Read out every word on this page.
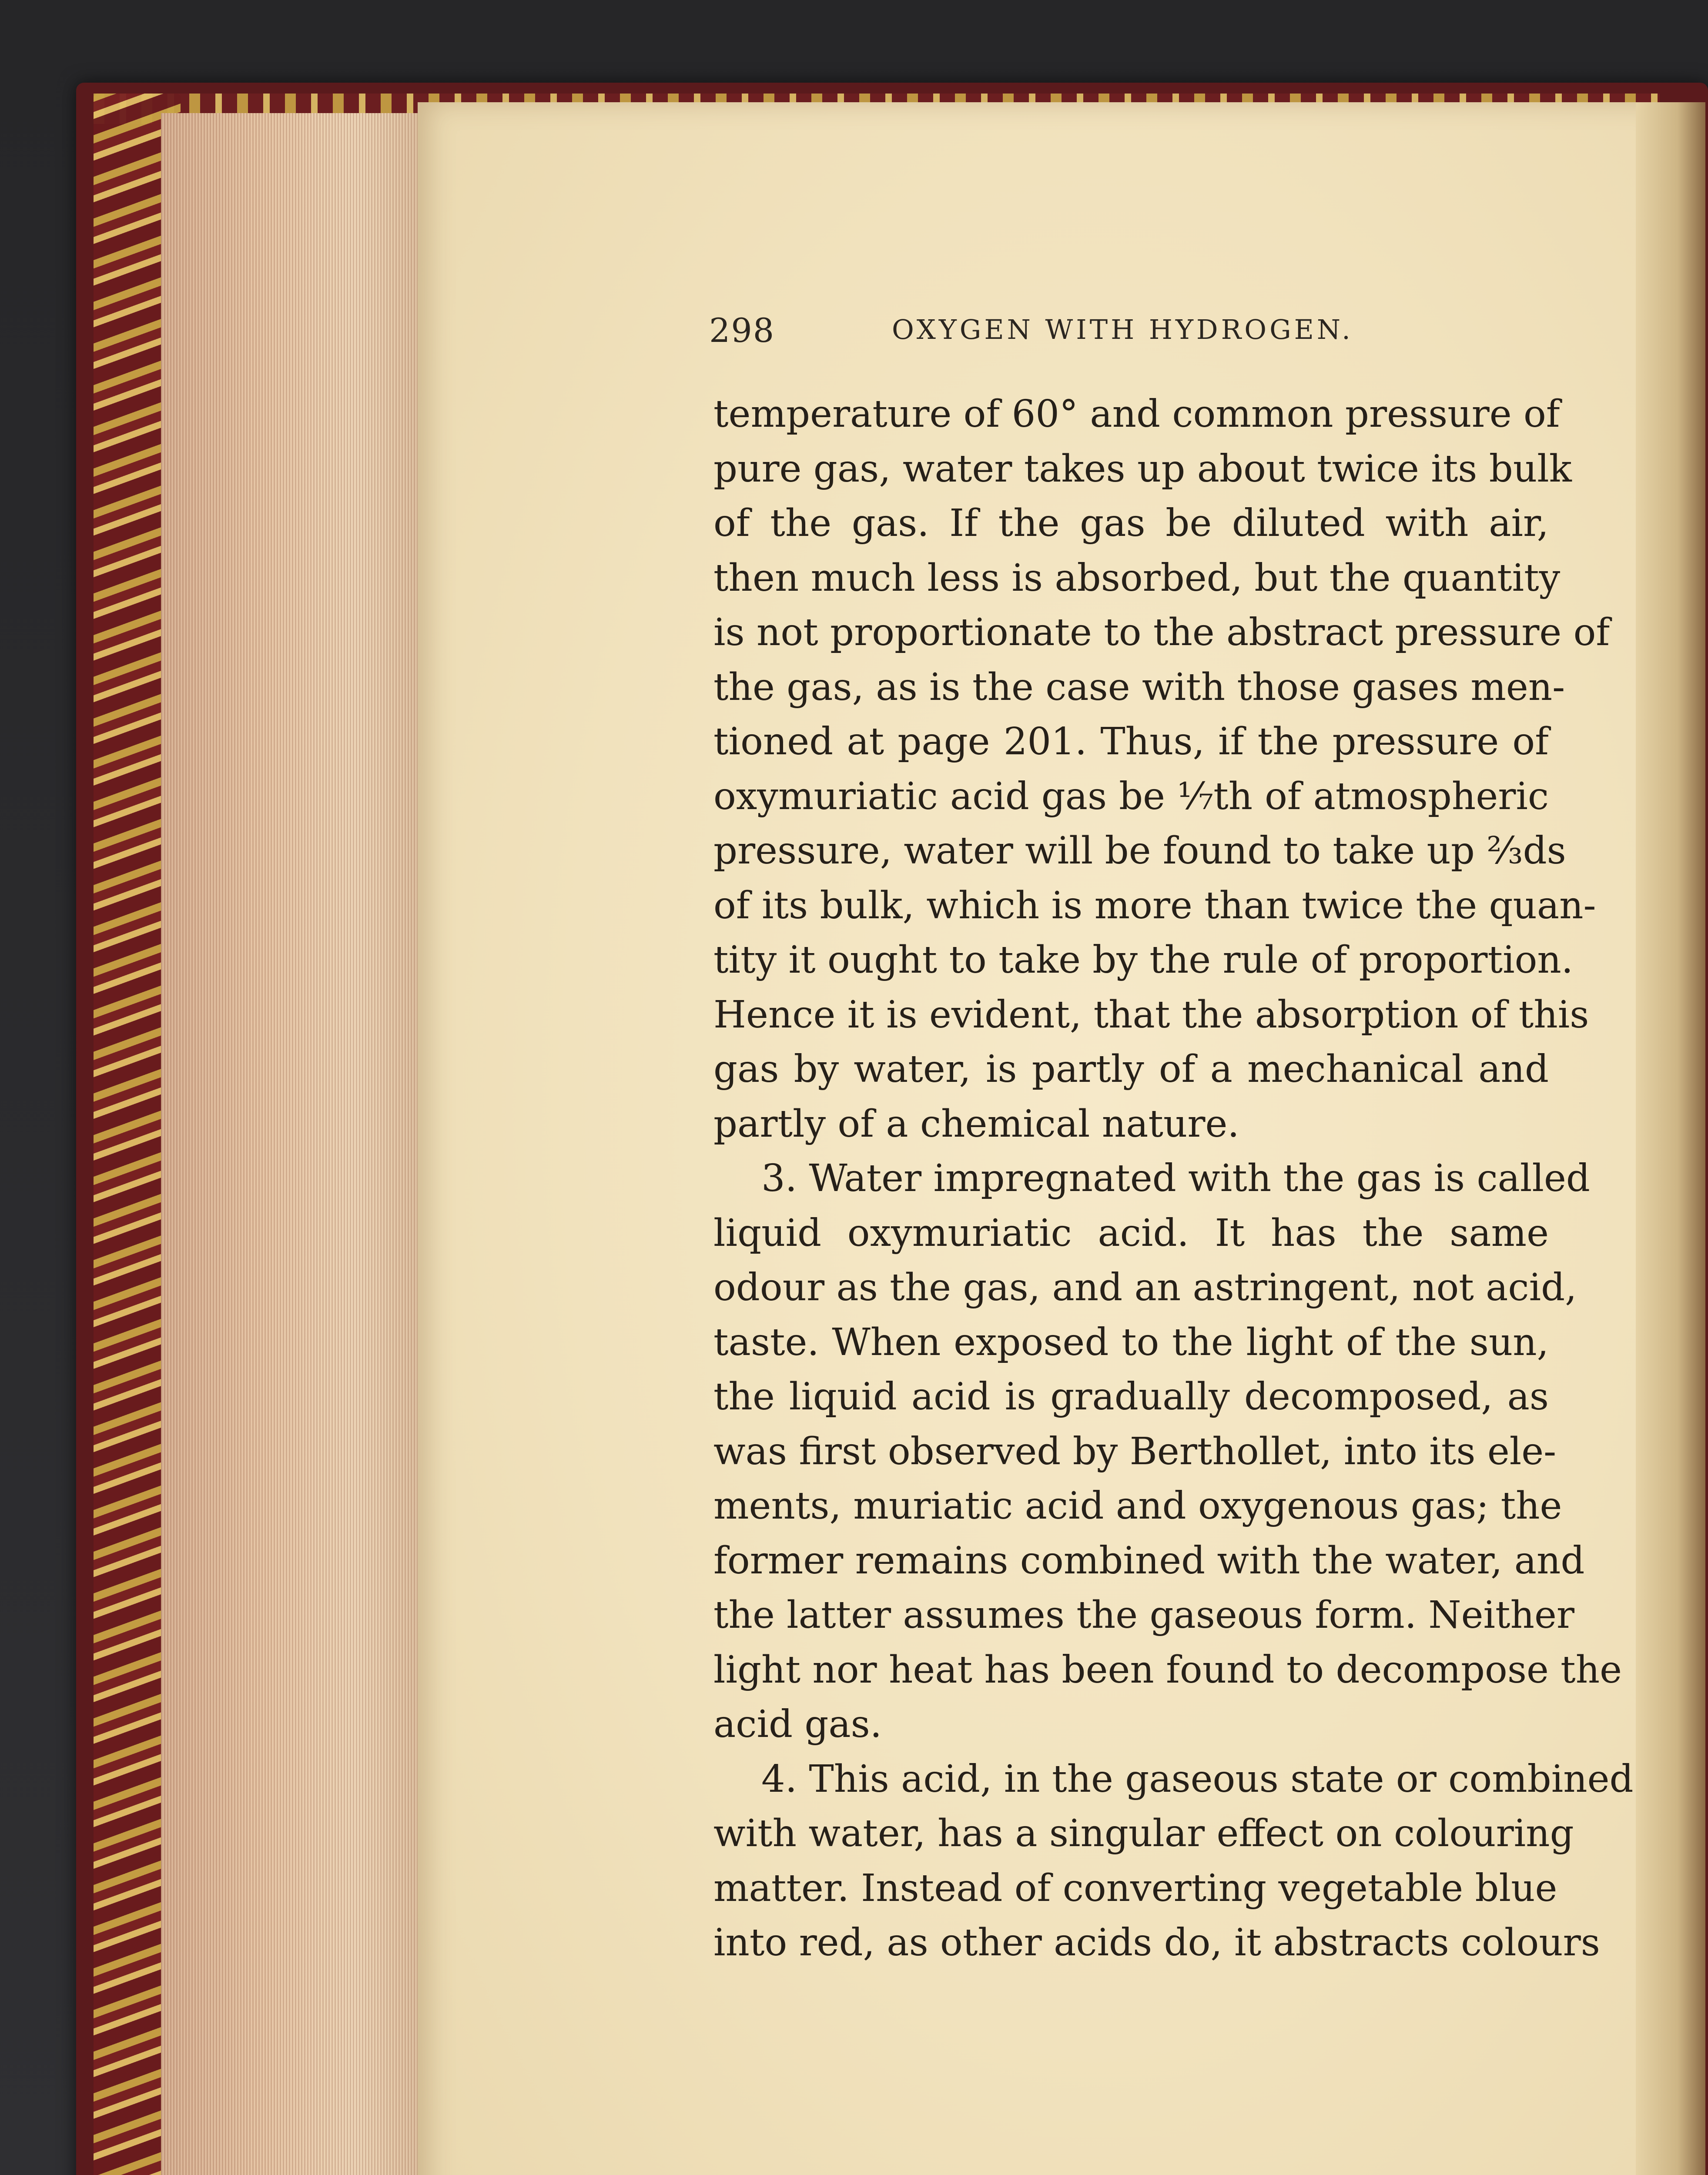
298	OXYGEN WITH HYDROGEN.
temperature of 60° and common pressure of
pure gas, water takes up about twice its bulk
of the gas. If the gas be diluted with air,
then much less is absorbed, but the quantity
is not proportionate to the abstract pressure of
the gas, as is the case with those gases men-
tioned at page 201. Thus, if the pressure of
oxymuriatic acid gas be ¹⁄₇th of atmospheric
pressure, water will be found to take up ²⁄₃ds
of its bulk, which is more than twice the quan-
tity it ought to take by the rule of proportion.
Hence it is evident, that the absorption of this
gas by water, is partly of a mechanical and
partly of a chemical nature.
3. Water impregnated with the gas is called
liquid oxymuriatic acid. It has the same
odour as the gas, and an astringent, not acid,
taste. When exposed to the light of the sun,
the liquid acid is gradually decomposed, as
was first observed by Berthollet, into its ele-
ments, muriatic acid and oxygenous gas; the
former remains combined with the water, and
the latter assumes the gaseous form. Neither
light nor heat has been found to decompose the
acid gas.
4. This acid, in the gaseous state or combined
with water, has a singular effect on colouring
matter. Instead of converting vegetable blue
into red, as other acids do, it abstracts colours
